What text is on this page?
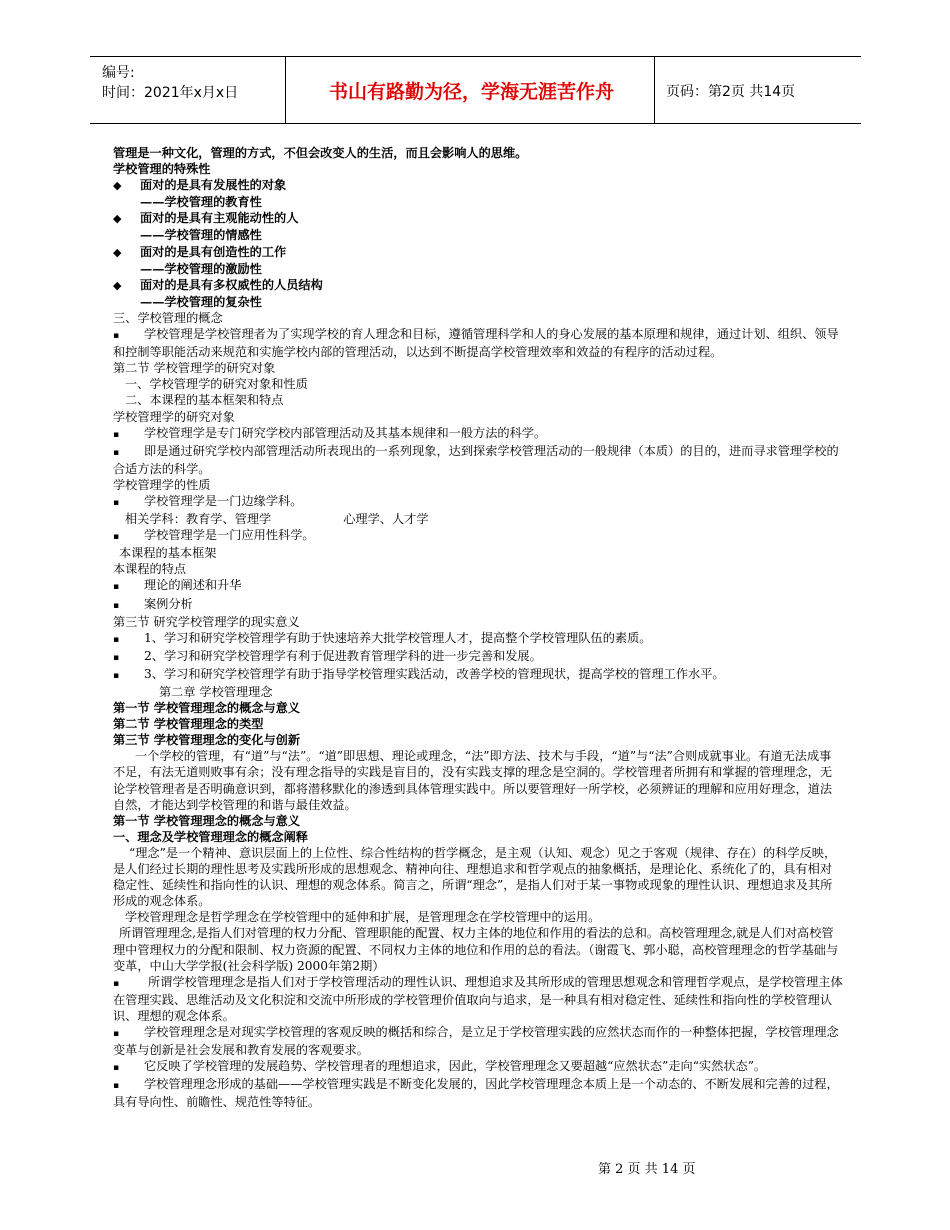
编号:
时间：2021年x月x日	书山有路勤为径，学海无涯苦作舟	页码：第2页 共14页

管理是一种文化，管理的方式，不但会改变人的生活，而且会影响人的思维。

学校管理的特殊性

◆ 面对的是具有发展性的对象

——学校管理的教育性

◆ 面对的是具有主观能动性的人

——学校管理的情感性

◆ 面对的是具有创造性的工作

——学校管理的激励性

◆ 面对的是具有多权威性的人员结构

——学校管理的复杂性

三、学校管理的概念

▪ 学校管理是学校管理者为了实现学校的育人理念和目标，遵循管理科学和人的身心发展的基本原理和规律，通过计划、组织、领导和控制等职能活动来规范和实施学校内部的管理活动，以达到不断提高学校管理效率和效益的有程序的活动过程。

第二节 学校管理学的研究对象

一、学校管理学的研究对象和性质

二、本课程的基本框架和特点

学校管理学的研究对象

▪ 学校管理学是专门研究学校内部管理活动及其基本规律和一般方法的科学。

▪ 即是通过研究学校内部管理活动所表现出的一系列现象，达到探索学校管理活动的一般规律（本质）的目的，进而寻求管理学校的合适方法的科学。

学校管理学的性质

▪ 学校管理学是一门边缘学科。

相关学科：教育学、管理学	心理学、人才学

▪ 学校管理学是一门应用性科学。

本课程的基本框架

本课程的特点

▪ 理论的阐述和升华

▪ 案例分析

第三节 研究学校管理学的现实意义

▪ 1、学习和研究学校管理学有助于快速培养大批学校管理人才，提高整个学校管理队伍的素质。

▪ 2、学习和研究学校管理学有利于促进教育管理学科的进一步完善和发展。

▪ 3、学习和研究学校管理学有助于指导学校管理实践活动，改善学校的管理现状，提高学校的管理工作水平。

第二章 学校管理理念

第一节 学校管理理念的概念与意义

第二节 学校管理理念的类型

第三节 学校管理理念的变化与创新

一个学校的管理，有“道”与“法”。“道”即思想、理论或理念，“法”即方法、技术与手段，“道”与“法”合则成就事业。有道无法成事不足，有法无道则败事有余；没有理念指导的实践是盲目的，没有实践支撑的理念是空洞的。学校管理者所拥有和掌握的管理理念，无论学校管理者是否明确意识到，都将潜移默化的渗透到具体管理实践中。所以要管理好一所学校，必须辨证的理解和应用好理念，道法自然，才能达到学校管理的和谐与最佳效益。

第一节 学校管理理念的概念与意义

一、理念及学校管理理念的概念阐释

“理念”是一个精神、意识层面上的上位性、综合性结构的哲学概念，是主观（认知、观念）见之于客观（规律、存在）的科学反映，是人们经过长期的理性思考及实践所形成的思想观念、精神向往、理想追求和哲学观点的抽象概括，是理论化、系统化了的，具有相对稳定性、延续性和指向性的认识、理想的观念体系。简言之，所谓“理念”，是指人们对于某一事物或现象的理性认识、理想追求及其所形成的观念体系。

学校管理理念是哲学理念在学校管理中的延伸和扩展，是管理理念在学校管理中的运用。

所谓管理理念,是指人们对管理的权力分配、管理职能的配置、权力主体的地位和作用的看法的总和。高校管理理念,就是人们对高校管理中管理权力的分配和限制、权力资源的配置、不同权力主体的地位和作用的总的看法。（谢霞飞、郭小聪，高校管理理念的哲学基础与变革，中山大学学报(社会科学版) 2000年第2期）

▪ 所谓学校管理理念是指人们对于学校管理活动的理性认识、理想追求及其所形成的管理思想观念和管理哲学观点，是学校管理主体在管理实践、思维活动及文化积淀和交流中所形成的学校管理价值取向与追求，是一种具有相对稳定性、延续性和指向性的学校管理认识、理想的观念体系。

▪ 学校管理理念是对现实学校管理的客观反映的概括和综合，是立足于学校管理实践的应然状态而作的一种整体把握，学校管理理念变革与创新是社会发展和教育发展的客观要求。

▪ 它反映了学校管理的发展趋势、学校管理者的理想追求，因此，学校管理理念又要超越“应然状态”走向“实然状态”。

▪ 学校管理理念形成的基础——学校管理实践是不断变化发展的，因此学校管理理念本质上是一个动态的、不断发展和完善的过程，具有导向性、前瞻性、规范性等特征。

第 2 页 共 14 页
